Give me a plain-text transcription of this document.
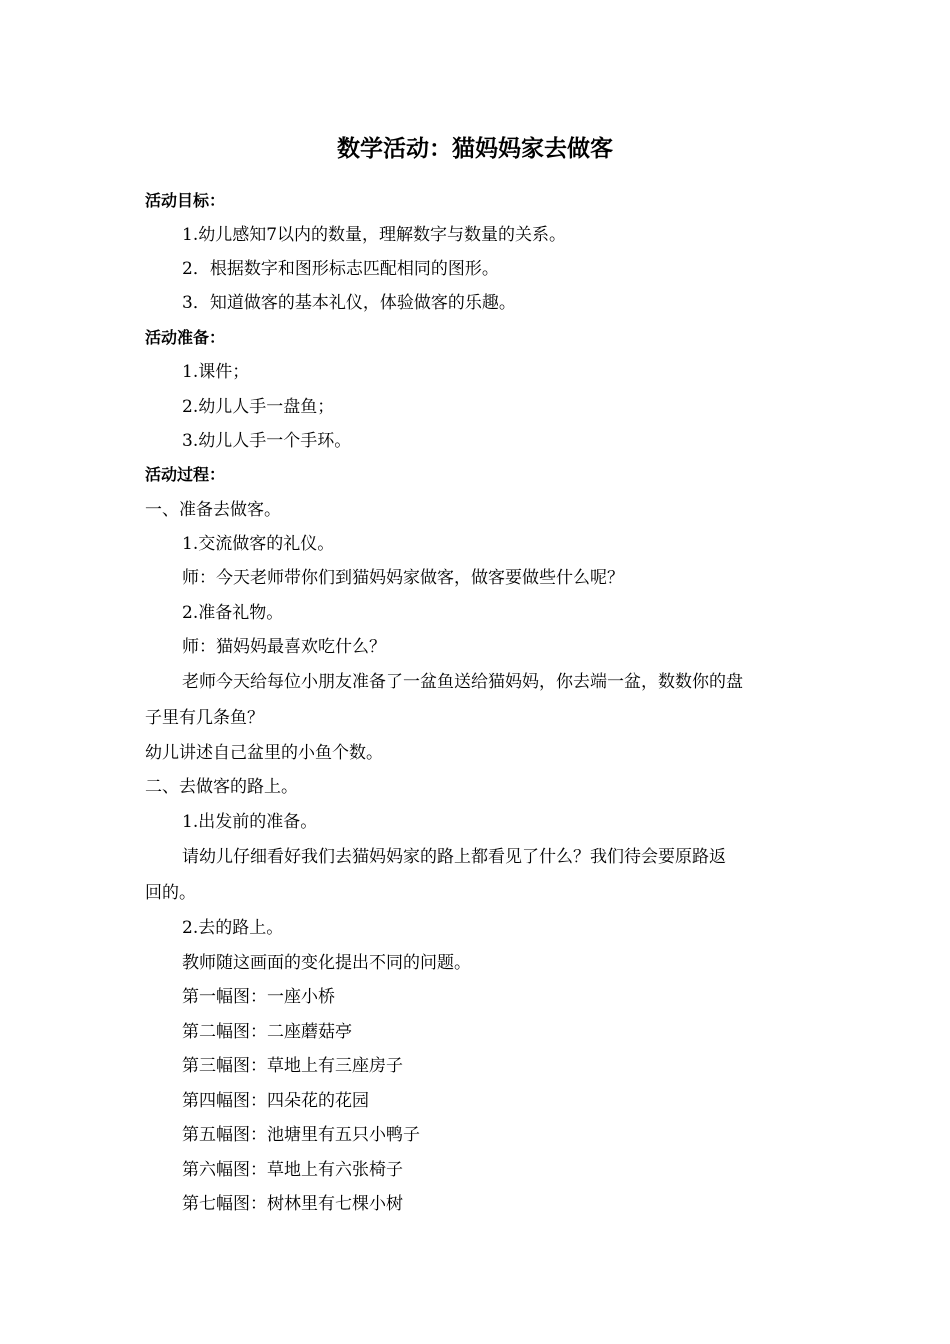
数学活动：猫妈妈家去做客
活动目标：
1.幼儿感知7以内的数量，理解数字与数量的关系。
2．根据数字和图形标志匹配相同的图形。
3．知道做客的基本礼仪，体验做客的乐趣。
活动准备：
1.课件；
2.幼儿人手一盘鱼；
3.幼儿人手一个手环。
活动过程：
一、准备去做客。
1.交流做客的礼仪。
师：今天老师带你们到猫妈妈家做客，做客要做些什么呢？
2.准备礼物。
师：猫妈妈最喜欢吃什么？
老师今天给每位小朋友准备了一盆鱼送给猫妈妈，你去端一盆，数数你的盘
子里有几条鱼？
幼儿讲述自己盆里的小鱼个数。
二、去做客的路上。
1.出发前的准备。
请幼儿仔细看好我们去猫妈妈家的路上都看见了什么？我们待会要原路返
回的。
2.去的路上。
教师随这画面的变化提出不同的问题。
第一幅图：一座小桥
第二幅图：二座蘑菇亭
第三幅图：草地上有三座房子
第四幅图：四朵花的花园
第五幅图：池塘里有五只小鸭子
第六幅图：草地上有六张椅子
第七幅图：树林里有七棵小树
